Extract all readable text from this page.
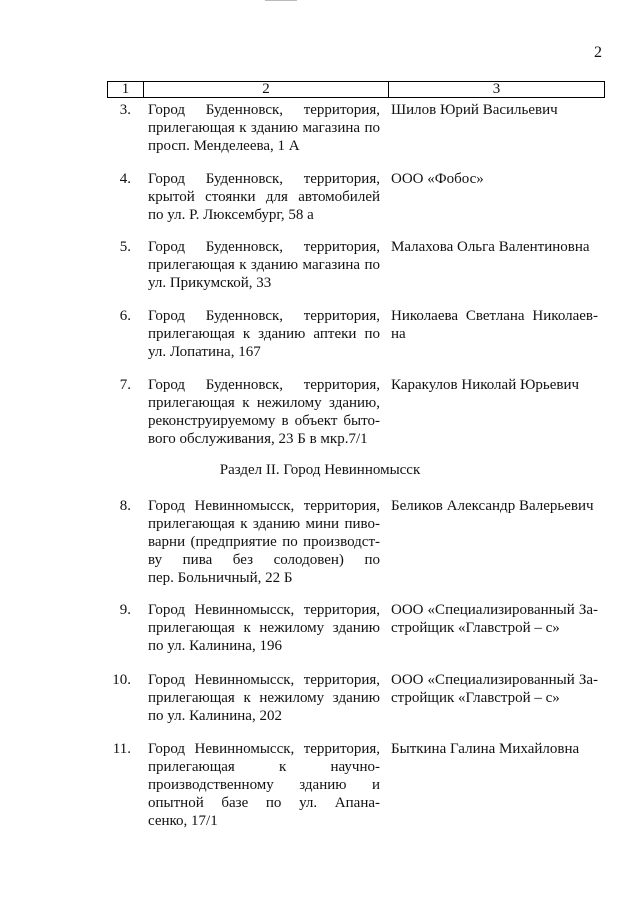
2
1	2	3
3. Город Буденновск, территория,
прилегающая к зданию магазина по
просп. Менделеева, 1 А
Шилов Юрий Васильевич
4. Город Буденновск, территория,
крытой стоянки для автомобилей
по ул. Р. Люксембург, 58 а
ООО «Фобос»
5. Город Буденновск, территория,
прилегающая к зданию магазина по
ул. Прикумской, 33
Малахова Ольга Валентиновна
6. Город Буденновск, территория,
прилегающая к зданию аптеки по
ул. Лопатина, 167
Николаева Светлана Николаев-
на
7. Город Буденновск, территория,
прилегающая к нежилому зданию,
реконструируемому в объект быто-
вого обслуживания, 23 Б в мкр.7/1
Каракулов Николай Юрьевич
Раздел II. Город Невинномысск
8. Город Невинномысск, территория,
прилегающая к зданию мини пиво-
варни (предприятие по производст-
ву пива без солодовен) по
пер. Больничный, 22 Б
Беликов Александр Валерьевич
9. Город Невинномысск, территория,
прилегающая к нежилому зданию
по ул. Калинина, 196
ООО «Специализированный За-
стройщик «Главстрой – с»
10. Город Невинномысск, территория,
прилегающая к нежилому зданию
по ул. Калинина, 202
ООО «Специализированный За-
стройщик «Главстрой – с»
11. Город Невинномысск, территория,
прилегающая к научно-
производственному зданию и
опытной базе по ул. Апана-
сенко, 17/1
Быткина Галина Михайловна
